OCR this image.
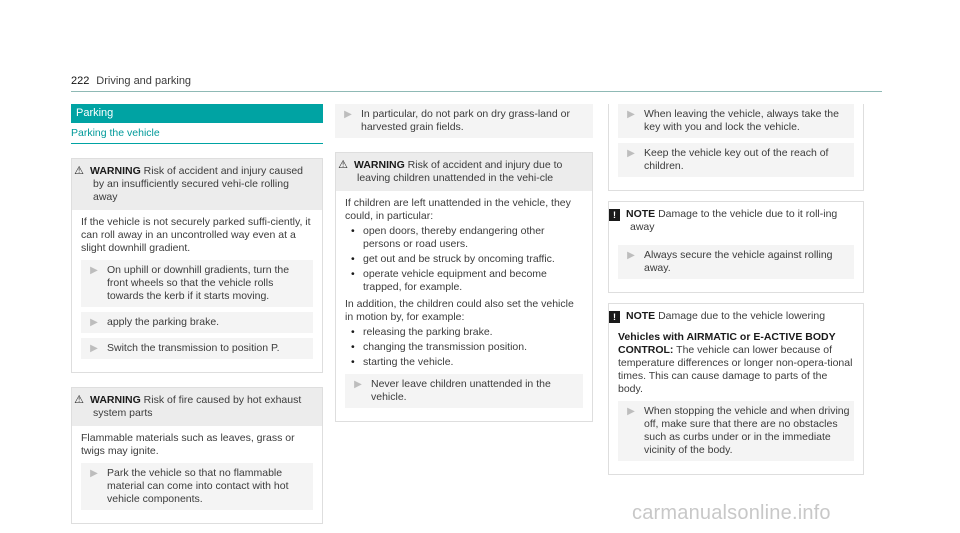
222 Driving and parking
Parking
Parking the vehicle
⚠ WARNING Risk of accident and injury caused by an insufficiently secured vehi-cle rolling away

If the vehicle is not securely parked suffi-ciently, it can roll away in an uncontrolled way even at a slight downhill gradient.

▶ On uphill or downhill gradients, turn the front wheels so that the vehicle rolls towards the kerb if it starts moving.
▶ apply the parking brake.
▶ Switch the transmission to position P.
⚠ WARNING Risk of fire caused by hot exhaust system parts

Flammable materials such as leaves, grass or twigs may ignite.

▶ Park the vehicle so that no flammable material can come into contact with hot vehicle components.
▶ In particular, do not park on dry grass-land or harvested grain fields.
⚠ WARNING Risk of accident and injury due to leaving children unattended in the vehi-cle

If children are left unattended in the vehicle, they could, in particular:

• open doors, thereby endangering other persons or road users.
• get out and be struck by oncoming traffic.
• operate vehicle equipment and become trapped, for example.

In addition, the children could also set the vehicle in motion by, for example:

• releasing the parking brake.
• changing the transmission position.
• starting the vehicle.
▶ Never leave children unattended in the vehicle.
▶ When leaving the vehicle, always take the key with you and lock the vehicle.
▶ Keep the vehicle key out of the reach of children.
! NOTE Damage to the vehicle due to it roll-ing away
▶ Always secure the vehicle against rolling away.
! NOTE Damage due to the vehicle lowering

Vehicles with AIRMATIC or E-ACTIVE BODY CONTROL: The vehicle can lower because of temperature differences or longer non-opera-tional times. This can cause damage to parts of the body.

▶ When stopping the vehicle and when driving off, make sure that there are no obstacles such as curbs under or in the immediate vicinity of the body.
carmanualsonline.info
